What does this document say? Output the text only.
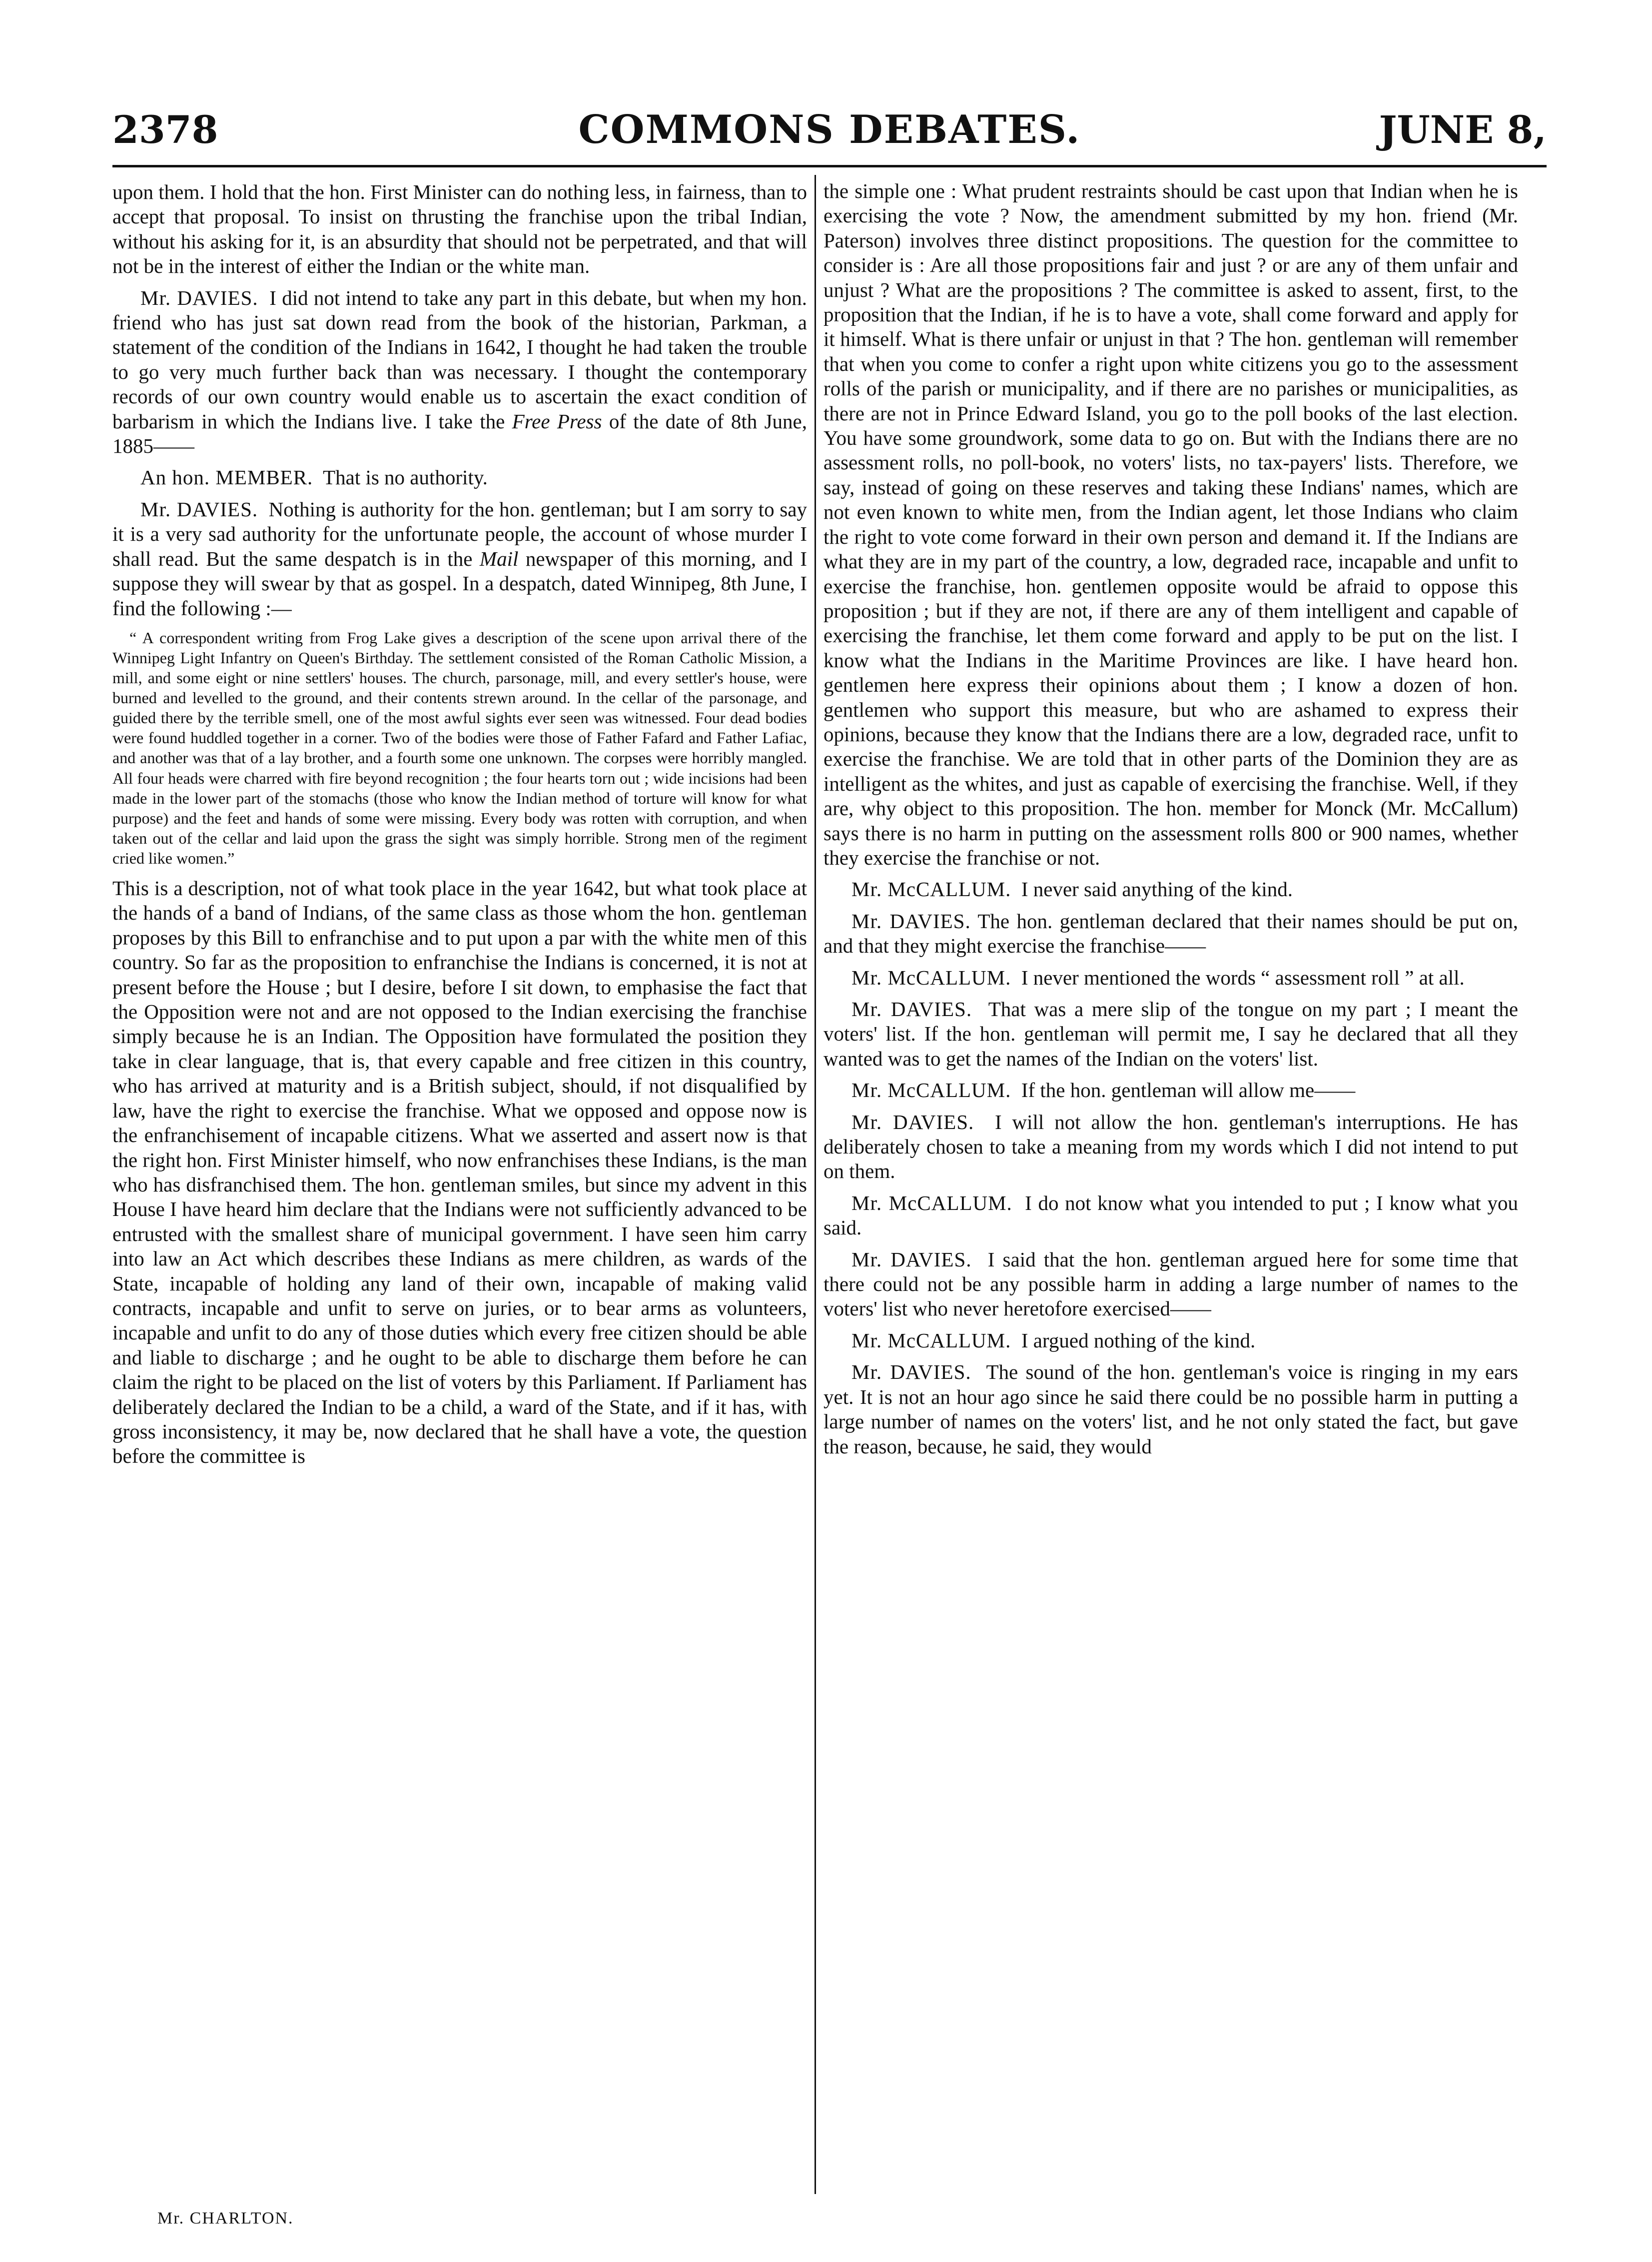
2378	COMMONS DEBATES.	JUNE 8,

upon them. I hold that the hon. First Minister can do nothing less, in fairness, than to accept that proposal. To insist on thrusting the franchise upon the tribal Indian, without his asking for it, is an absurdity that should not be perpetrated, and that will not be in the interest of either the Indian or the white man.

Mr. DAVIES. I did not intend to take any part in this debate, but when my hon. friend who has just sat down read from the book of the historian, Parkman, a statement of the condition of the Indians in 1642, I thought he had taken the trouble to go very much further back than was necessary. I thought the contemporary records of our own country would enable us to ascertain the exact condition of barbarism in which the Indians live. I take the Free Press of the date of 8th June, 1885——

An hon. MEMBER. That is no authority.

Mr. DAVIES. Nothing is authority for the hon. gentleman; but I am sorry to say it is a very sad authority for the unfortunate people, the account of whose murder I shall read. But the same despatch is in the Mail newspaper of this morning, and I suppose they will swear by that as gospel. In a despatch, dated Winnipeg, 8th June, I find the following :—

“ A correspondent writing from Frog Lake gives a description of the scene upon arrival there of the Winnipeg Light Infantry on Queen's Birthday. The settlement consisted of the Roman Catholic Mission, a mill, and some eight or nine settlers' houses. The church, parsonage, mill, and every settler's house, were burned and levelled to the ground, and their contents strewn around. In the cellar of the parsonage, and guided there by the terrible smell, one of the most awful sights ever seen was witnessed. Four dead bodies were found huddled together in a corner. Two of the bodies were those of Father Fafard and Father Lafiac, and another was that of a lay brother, and a fourth some one unknown. The corpses were horribly mangled. All four heads were charred with fire beyond recognition ; the four hearts torn out ; wide incisions had been made in the lower part of the stomachs (those who know the Indian method of torture will know for what purpose) and the feet and hands of some were missing. Every body was rotten with corruption, and when taken out of the cellar and laid upon the grass the sight was simply horrible. Strong men of the regiment cried like women.”

This is a description, not of what took place in the year 1642, but what took place at the hands of a band of Indians, of the same class as those whom the hon. gentleman proposes by this Bill to enfranchise and to put upon a par with the white men of this country. So far as the proposition to enfranchise the Indians is concerned, it is not at present before the House ; but I desire, before I sit down, to emphasise the fact that the Opposition were not and are not opposed to the Indian exercising the franchise simply because he is an Indian. The Opposition have formulated the position they take in clear language, that is, that every capable and free citizen in this country, who has arrived at maturity and is a British subject, should, if not disqualified by law, have the right to exercise the franchise. What we opposed and oppose now is the enfranchisement of incapable citizens. What we asserted and assert now is that the right hon. First Minister himself, who now enfranchises these Indians, is the man who has disfranchised them. The hon. gentleman smiles, but since my advent in this House I have heard him declare that the Indians were not sufficiently advanced to be entrusted with the smallest share of municipal government. I have seen him carry into law an Act which describes these Indians as mere children, as wards of the State, incapable of holding any land of their own, incapable of making valid contracts, incapable and unfit to serve on juries, or to bear arms as volunteers, incapable and unfit to do any of those duties which every free citizen should be able and liable to discharge ; and he ought to be able to discharge them before he can claim the right to be placed on the list of voters by this Parliament. If Parliament has deliberately declared the Indian to be a child, a ward of the State, and if it has, with gross inconsistency, it may be, now declared that he shall have a vote, the question before the committee is

the simple one : What prudent restraints should be cast upon that Indian when he is exercising the vote ? Now, the amendment submitted by my hon. friend (Mr. Paterson) involves three distinct propositions. The question for the committee to consider is : Are all those propositions fair and just ? or are any of them unfair and unjust ? What are the propositions ? The committee is asked to assent, first, to the proposition that the Indian, if he is to have a vote, shall come forward and apply for it himself. What is there unfair or unjust in that ? The hon. gentleman will remember that when you come to confer a right upon white citizens you go to the assessment rolls of the parish or municipality, and if there are no parishes or municipalities, as there are not in Prince Edward Island, you go to the poll books of the last election. You have some groundwork, some data to go on. But with the Indians there are no assessment rolls, no poll-book, no voters' lists, no tax-payers' lists. Therefore, we say, instead of going on these reserves and taking these Indians' names, which are not even known to white men, from the Indian agent, let those Indians who claim the right to vote come forward in their own person and demand it. If the Indians are what they are in my part of the country, a low, degraded race, incapable and unfit to exercise the franchise, hon. gentlemen opposite would be afraid to oppose this proposition ; but if they are not, if there are any of them intelligent and capable of exercising the franchise, let them come forward and apply to be put on the list. I know what the Indians in the Maritime Provinces are like. I have heard hon. gentlemen here express their opinions about them ; I know a dozen of hon. gentlemen who support this measure, but who are ashamed to express their opinions, because they know that the Indians there are a low, degraded race, unfit to exercise the franchise. We are told that in other parts of the Dominion they are as intelligent as the whites, and just as capable of exercising the franchise. Well, if they are, why object to this proposition. The hon. member for Monck (Mr. McCallum) says there is no harm in putting on the assessment rolls 800 or 900 names, whether they exercise the franchise or not.

Mr. McCALLUM. I never said anything of the kind.

Mr. DAVIES. The hon. gentleman declared that their names should be put on, and that they might exercise the franchise——

Mr. McCALLUM. I never mentioned the words “ assessment roll ” at all.

Mr. DAVIES. That was a mere slip of the tongue on my part ; I meant the voters' list. If the hon. gentleman will permit me, I say he declared that all they wanted was to get the names of the Indian on the voters' list.

Mr. McCALLUM. If the hon. gentleman will allow me——

Mr. DAVIES. I will not allow the hon. gentleman's interruptions. He has deliberately chosen to take a meaning from my words which I did not intend to put on them.

Mr. McCALLUM. I do not know what you intended to put ; I know what you said.

Mr. DAVIES. I said that the hon. gentleman argued here for some time that there could not be any possible harm in adding a large number of names to the voters' list who never heretofore exercised——

Mr. McCALLUM. I argued nothing of the kind.

Mr. DAVIES. The sound of the hon. gentleman's voice is ringing in my ears yet. It is not an hour ago since he said there could be no possible harm in putting a large number of names on the voters' list, and he not only stated the fact, but gave the reason, because, he said, they would

Mr. CHARLTON.
